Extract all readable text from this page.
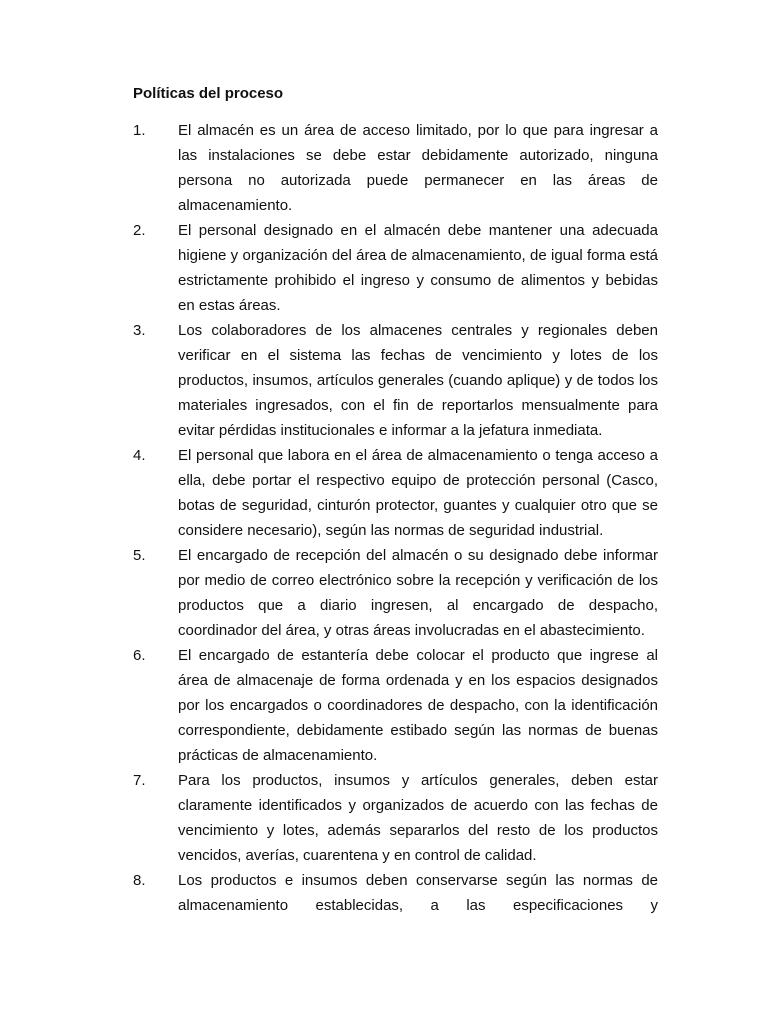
Políticas del proceso
1.	El almacén es un área de acceso limitado, por lo que para ingresar a las instalaciones se debe estar debidamente autorizado, ninguna persona no autorizada puede permanecer en las áreas de almacenamiento.
2.	El personal designado en el almacén debe mantener una adecuada higiene y organización del área de almacenamiento, de igual forma está estrictamente prohibido el ingreso y consumo de alimentos y bebidas en estas áreas.
3.	Los colaboradores de los almacenes centrales y regionales deben verificar en el sistema las fechas de vencimiento y lotes de los productos, insumos, artículos generales (cuando aplique) y de todos los materiales ingresados, con el fin de reportarlos mensualmente para evitar pérdidas institucionales e informar a la jefatura inmediata.
4.	El personal que labora en el área de almacenamiento o tenga acceso a ella, debe portar el respectivo equipo de protección personal (Casco, botas de seguridad, cinturón protector, guantes y cualquier otro que se considere necesario), según las normas de seguridad industrial.
5.	El encargado de recepción del almacén o su designado debe informar por medio de correo electrónico sobre la recepción y verificación de los productos que a diario ingresen, al encargado de despacho, coordinador del área, y otras áreas involucradas en el abastecimiento.
6.	El encargado de estantería debe colocar el producto que ingrese al área de almacenaje de forma ordenada y en los espacios designados por los encargados o coordinadores de despacho, con la identificación correspondiente, debidamente estibado según las normas de buenas prácticas de almacenamiento.
7.	Para los productos, insumos y artículos generales, deben estar claramente identificados y organizados de acuerdo con las fechas de vencimiento y lotes, además separarlos del resto de los productos vencidos, averías, cuarentena y en control de calidad.
8.	Los productos e insumos deben conservarse según las normas de almacenamiento establecidas, a las especificaciones y
